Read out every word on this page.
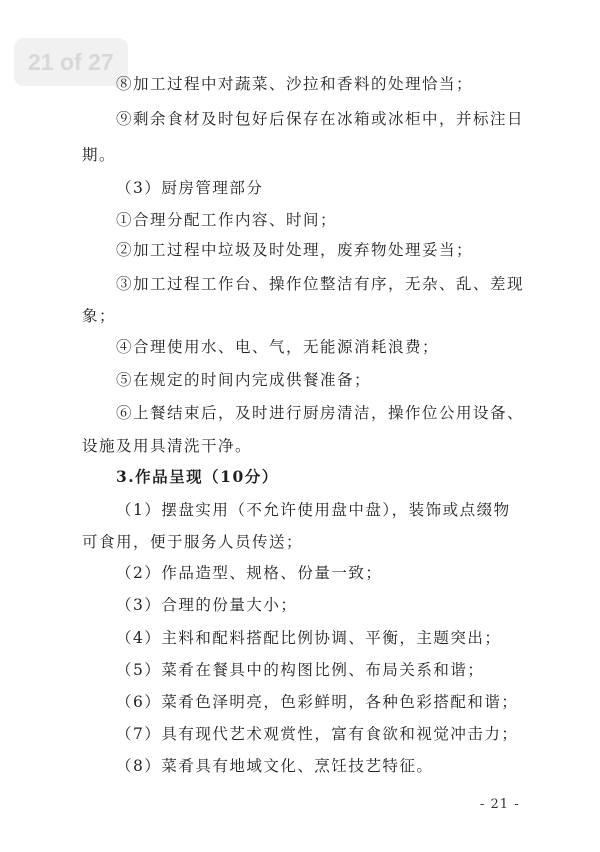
21 of 27
⑧加工过程中对蔬菜、沙拉和香料的处理恰当；
⑨剩余食材及时包好后保存在冰箱或冰柜中，并标注日
期。
（3）厨房管理部分
①合理分配工作内容、时间；
②加工过程中垃圾及时处理，废弃物处理妥当；
③加工过程工作台、操作位整洁有序，无杂、乱、差现
象；
④合理使用水、电、气，无能源消耗浪费；
⑤在规定的时间内完成供餐准备；
⑥上餐结束后，及时进行厨房清洁，操作位公用设备、
设施及用具清洗干净。
3.作品呈现（10分）
（1）摆盘实用（不允许使用盘中盘），装饰或点缀物
可食用，便于服务人员传送；
（2）作品造型、规格、份量一致；
（3）合理的份量大小；
（4）主料和配料搭配比例协调、平衡，主题突出；
（5）菜肴在餐具中的构图比例、布局关系和谐；
（6）菜肴色泽明亮，色彩鲜明，各种色彩搭配和谐；
（7）具有现代艺术观赏性，富有食欲和视觉冲击力；
（8）菜肴具有地域文化、烹饪技艺特征。
- 21 -
